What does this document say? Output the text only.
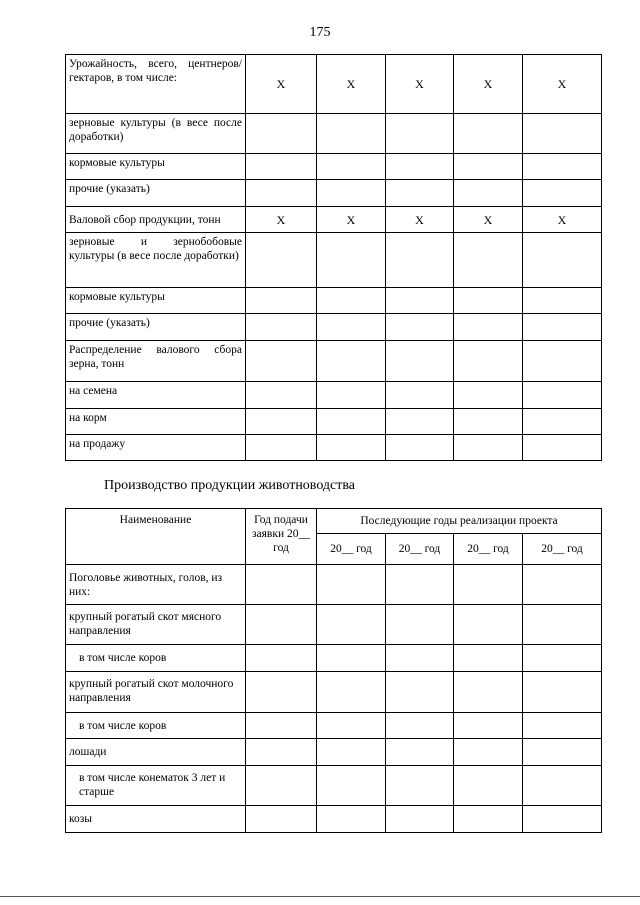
175
Урожайность, всего, центнеров/гектаров, в том числе:	X	X	X	X	X
зерновые культуры (в весе после доработки)					
кормовые культуры					
прочие (указать)					
Валовой сбор продукции, тонн	X	X	X	X	X
зерновые и зернобобовые культуры (в весе после доработки)					
кормовые культуры					
прочие (указать)					
Распределение валового сбора зерна, тонн					
на семена					
на корм					
на продажу					
Производство продукции животноводства
Наименование	Год подачи заявки 20__ год	Последующие годы реализации проекта			
		20__ год	20__ год	20__ год	20__ год
Поголовье животных, голов, из них:					
крупный рогатый скот мясного направления					
в том числе коров					
крупный рогатый скот молочного направления					
в том числе коров					
лошади					
в том числе конематок 3 лет и старше					
козы					
